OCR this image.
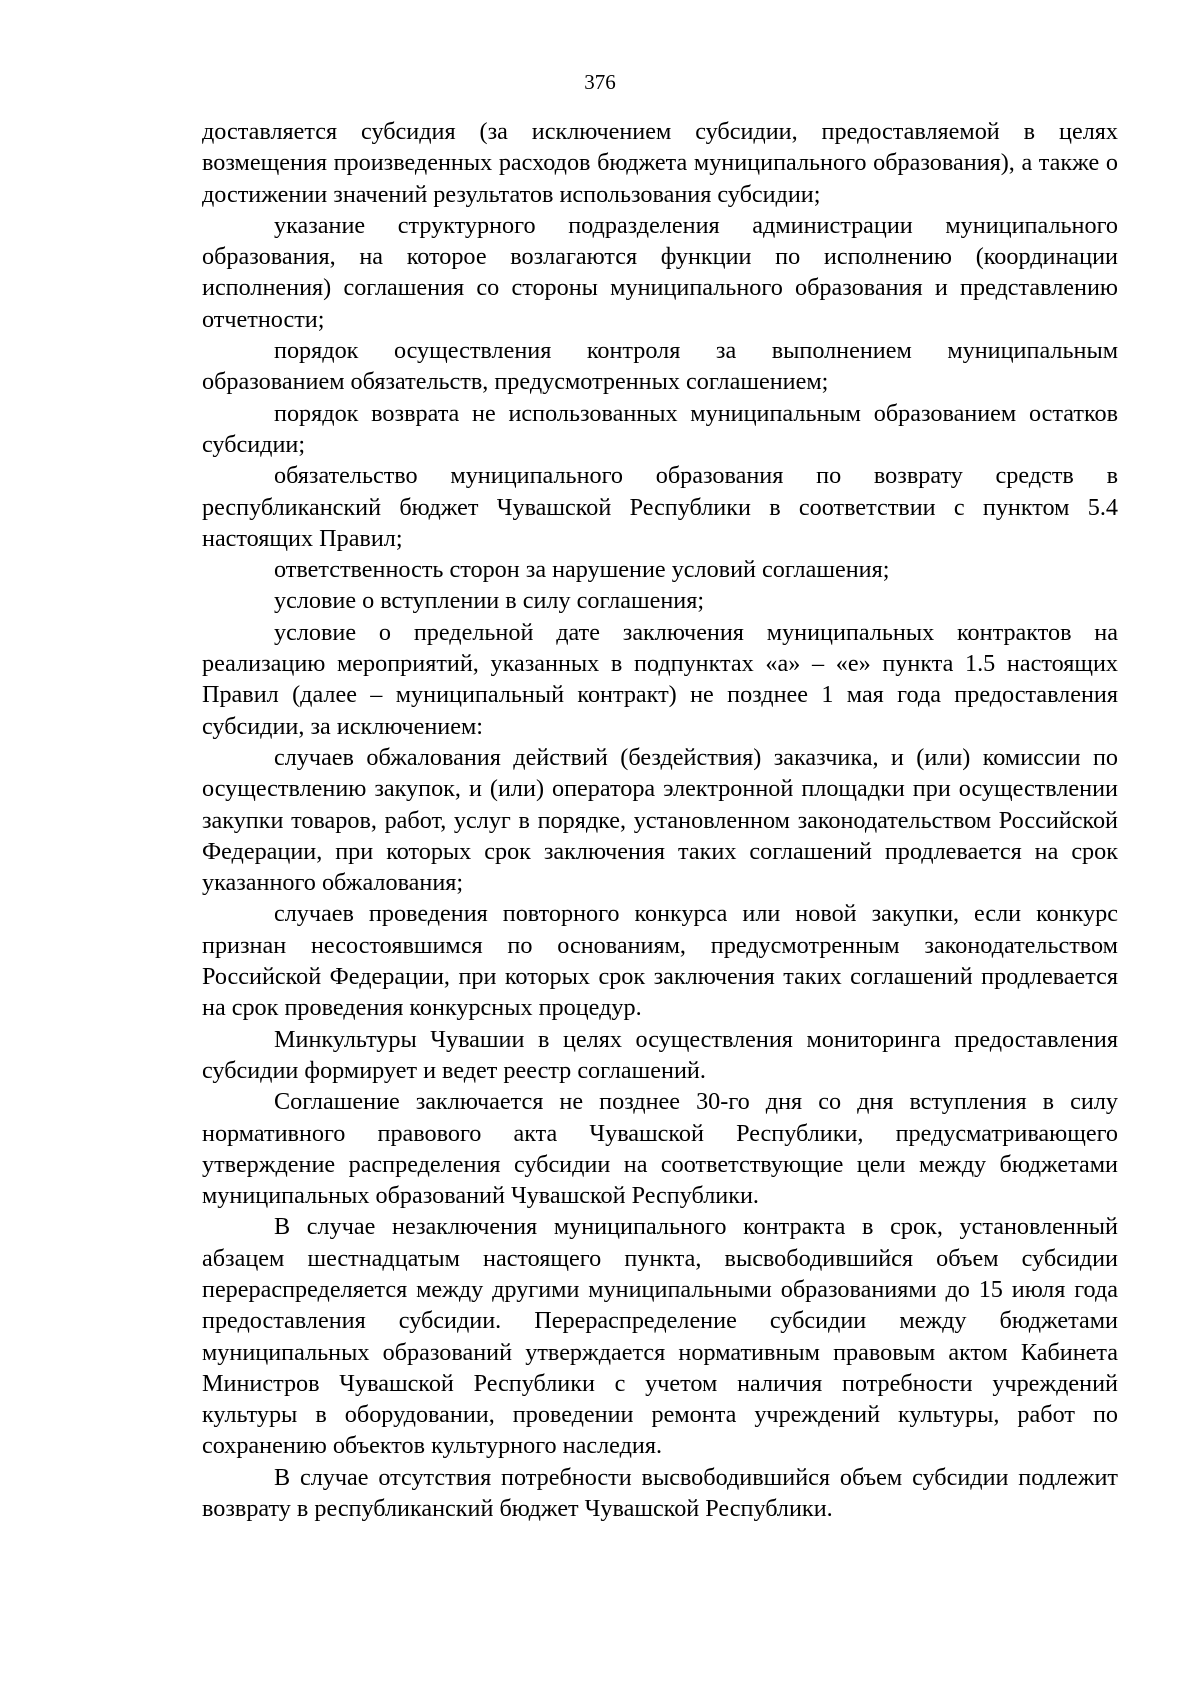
376

доставляется субсидия (за исключением субсидии, предоставляемой в целях возмещения произведенных расходов бюджета муниципального образования), а также о достижении значений результатов использования субсидии;

указание структурного подразделения администрации муниципального образования, на которое возлагаются функции по исполнению (координации исполнения) соглашения со стороны муниципального образования и представлению отчетности;

порядок осуществления контроля за выполнением муниципальным образованием обязательств, предусмотренных соглашением;

порядок возврата не использованных муниципальным образованием остатков субсидии;

обязательство муниципального образования по возврату средств в республиканский бюджет Чувашской Республики в соответствии с пунктом 5.4 настоящих Правил;

ответственность сторон за нарушение условий соглашения;

условие о вступлении в силу соглашения;

условие о предельной дате заключения муниципальных контрактов на реализацию мероприятий, указанных в подпунктах «а» – «е» пункта 1.5 настоящих Правил (далее – муниципальный контракт) не позднее 1 мая года предоставления субсидии, за исключением:

случаев обжалования действий (бездействия) заказчика, и (или) комиссии по осуществлению закупок, и (или) оператора электронной площадки при осуществлении закупки товаров, работ, услуг в порядке, установленном законодательством Российской Федерации, при которых срок заключения таких соглашений продлевается на срок указанного обжалования;

случаев проведения повторного конкурса или новой закупки, если конкурс признан несостоявшимся по основаниям, предусмотренным законодательством Российской Федерации, при которых срок заключения таких соглашений продлевается на срок проведения конкурсных процедур.

Минкультуры Чувашии в целях осуществления мониторинга предоставления субсидии формирует и ведет реестр соглашений.

Соглашение заключается не позднее 30-го дня со дня вступления в силу нормативного правового акта Чувашской Республики, предусматривающего утверждение распределения субсидии на соответствующие цели между бюджетами муниципальных образований Чувашской Республики.

В случае незаключения муниципального контракта в срок, установленный абзацем шестнадцатым настоящего пункта, высвободившийся объем субсидии перераспределяется между другими муниципальными образованиями до 15 июля года предоставления субсидии. Перераспределение субсидии между бюджетами муниципальных образований утверждается нормативным правовым актом Кабинета Министров Чувашской Республики с учетом наличия потребности учреждений культуры в оборудовании, проведении ремонта учреждений культуры, работ по сохранению объектов культурного наследия.

В случае отсутствия потребности высвободившийся объем субсидии подлежит возврату в республиканский бюджет Чувашской Республики.
